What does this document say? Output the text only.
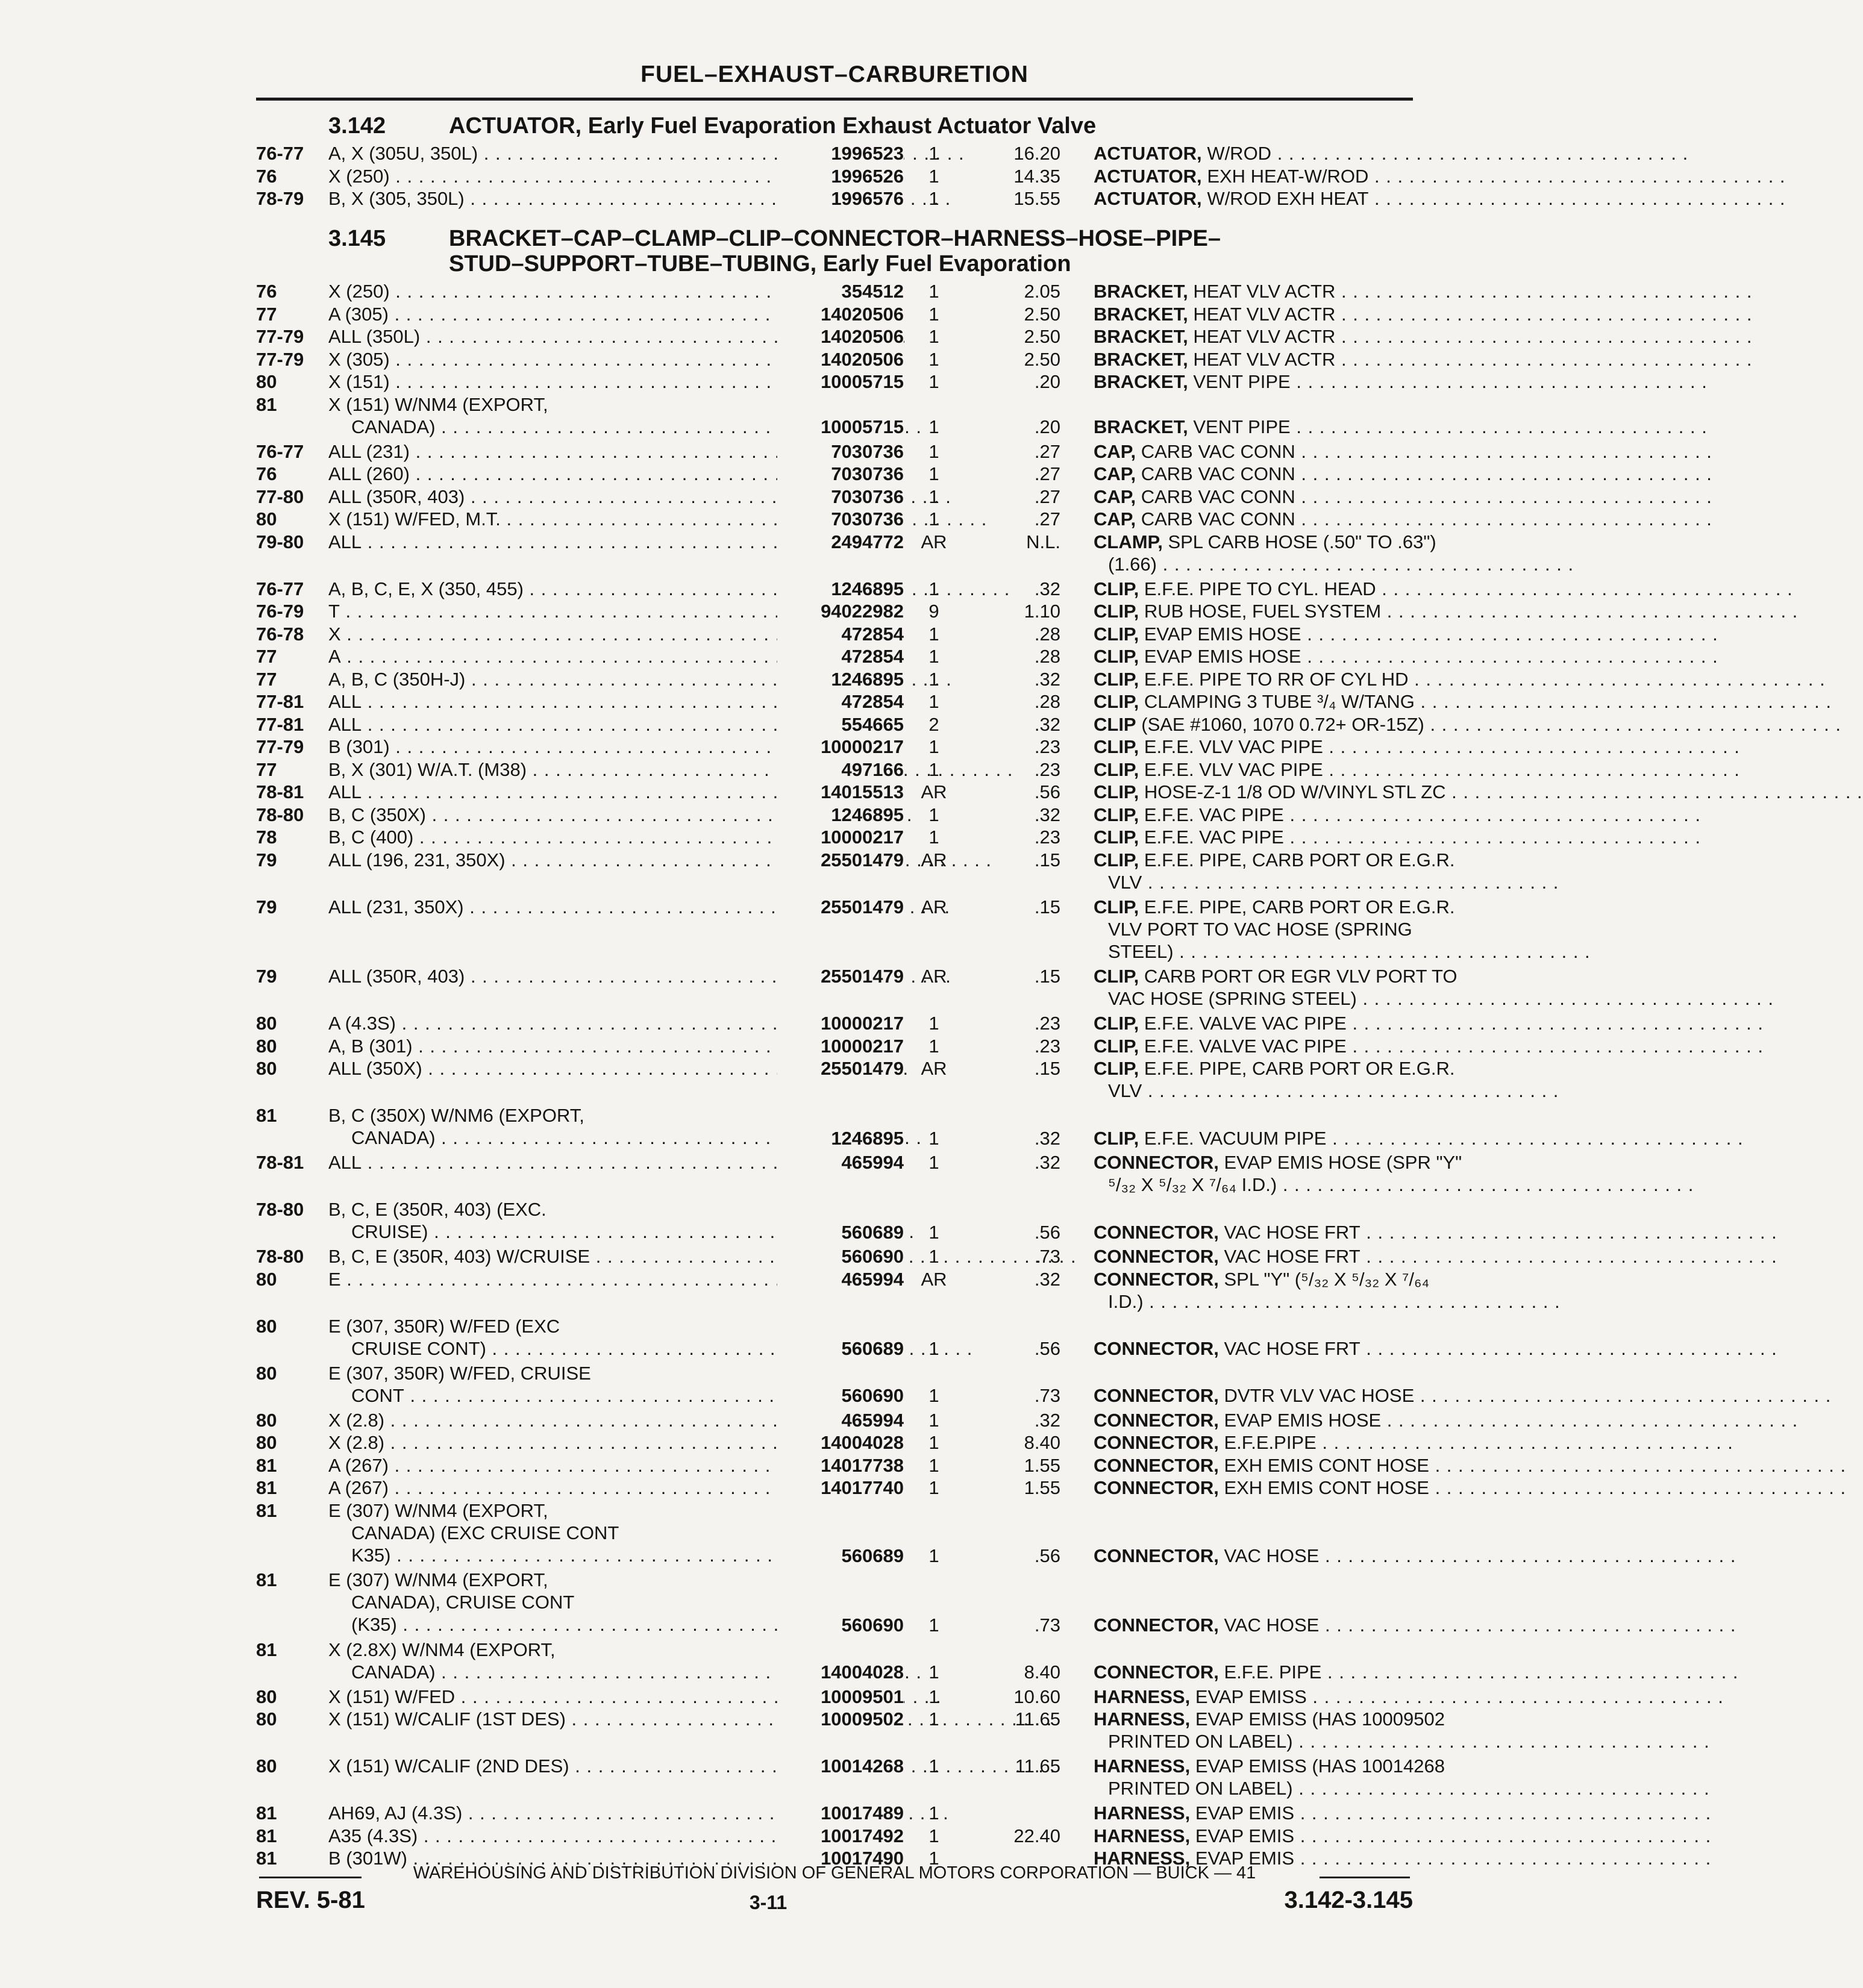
FUEL–EXHAUST–CARBURETION
3.142	ACTUATOR, Early Fuel Evaporation Exhaust Actuator Valve
76-77	A, X (305U, 350L) . . .	1996523	1	16.20 ACTUATOR, W/ROD . . .
76	X (250) . . .	1996526	1	14.35 ACTUATOR, EXH HEAT-W/ROD . . .
78-79	B, X (305, 350L) . . .	1996576	1	15.55 ACTUATOR, W/ROD EXH HEAT . . .
3.145	BRACKET–CAP–CLAMP–CLIP–CONNECTOR–HARNESS–HOSE–PIPE–
STUD–SUPPORT–TUBE–TUBING, Early Fuel Evaporation
76	X (250) . . .	354512	1	2.05 BRACKET, HEAT VLV ACTR . . .
77	A (305) . . .	14020506	1	2.50 BRACKET, HEAT VLV ACTR . . .
77-79	ALL (350L) . . .	14020506	1	2.50 BRACKET, HEAT VLV ACTR . . .
77-79	X (305) . . .	14020506	1	2.50 BRACKET, HEAT VLV ACTR . . .
80	X (151) . . .	10005715	1	.20 BRACKET, VENT PIPE . . .
81	X (151) W/NM4 (EXPORT,
CANADA) . . .	10005715	1	.20 BRACKET, VENT PIPE . . .
76-77	ALL (231) . . .	7030736	1	.27 CAP, CARB VAC CONN . . .
76	ALL (260) . . .	7030736	1	.27 CAP, CARB VAC CONN . . .
77-80	ALL (350R, 403) . . .	7030736	1	.27 CAP, CARB VAC CONN . . .
80	X (151) W/FED, M.T. . . .	7030736	1	.27 CAP, CARB VAC CONN . . .
79-80	ALL . . .	2494772 AR	N.L. CLAMP, SPL CARB HOSE (.50" TO .63")
(1.66) . . .
76-77	A, B, C, E, X (350, 455) . . .	1246895	1	.32 CLIP, E.F.E. PIPE TO CYL. HEAD . . .
76-79	T . . .	94022982	9	1.10 CLIP, RUB HOSE, FUEL SYSTEM . . .
76-78	X . . .	472854	1	.28 CLIP, EVAP EMIS HOSE . . .
77	A . . .	472854	1	.28 CLIP, EVAP EMIS HOSE . . .
77	A, B, C (350H-J) . . .	1246895	1	.32 CLIP, E.F.E. PIPE TO RR OF CYL HD . . .
77-81	ALL . . .	472854	1	.28 CLIP, CLAMPING 3 TUBE ³/₄ W/TANG . . .
77-81	ALL . . .	554665	2	.32 CLIP (SAE #1060, 1070 0.72+ OR-15Z) . . .
77-79	B (301) . . .	10000217	1	.23 CLIP, E.F.E. VLV VAC PIPE . . .
77	B, X (301) W/A.T. (M38) . . .	497166	1	.23 CLIP, E.F.E. VLV VAC PIPE . . .
78-81	ALL . . .	14015513 AR	.56 CLIP, HOSE-Z-1 1/8 OD W/VINYL STL ZC . . .
78-80	B, C (350X) . . .	1246895	1	.32 CLIP, E.F.E. VAC PIPE . . .
78	B, C (400) . . .	10000217	1	.23 CLIP, E.F.E. VAC PIPE . . .
79	ALL (196, 231, 350X) . . .	25501479 AR	.15 CLIP, E.F.E. PIPE, CARB PORT OR E.G.R.
VLV . . .
79	ALL (231, 350X) . . .	25501479 AR	.15 CLIP, E.F.E. PIPE, CARB PORT OR E.G.R.
VLV PORT TO VAC HOSE (SPRING
STEEL) . . .
79	ALL (350R, 403) . . .	25501479 AR	.15 CLIP, CARB PORT OR EGR VLV PORT TO
VAC HOSE (SPRING STEEL) . . .
80	A (4.3S) . . .	10000217	1	.23 CLIP, E.F.E. VALVE VAC PIPE . . .
80	A, B (301) . . .	10000217	1	.23 CLIP, E.F.E. VALVE VAC PIPE . . .
80	ALL (350X) . . .	25501479 AR	.15 CLIP, E.F.E. PIPE, CARB PORT OR E.G.R.
VLV . . .
81	B, C (350X) W/NM6 (EXPORT,
CANADA) . . .	1246895	1	.32 CLIP, E.F.E. VACUUM PIPE . . .
78-81	ALL . . .	465994	1	.32 CONNECTOR, EVAP EMIS HOSE (SPR "Y"
⁵/₃₂ X ⁵/₃₂ X ⁷/₆₄ I.D.) . . .
78-80	B, C, E (350R, 403) (EXC.
CRUISE) . . .	560689	1	.56 CONNECTOR, VAC HOSE FRT . . .
78-80	B, C, E (350R, 403) W/CRUISE . . .	560690	1	.73 CONNECTOR, VAC HOSE FRT . . .
80	E . . .	465994 AR	.32 CONNECTOR, SPL "Y" (⁵/₃₂ X ⁵/₃₂ X ⁷/₆₄
I.D.) . . .
80	E (307, 350R) W/FED (EXC
CRUISE CONT) . . .	560689	1	.56 CONNECTOR, VAC HOSE FRT . . .
80	E (307, 350R) W/FED, CRUISE
CONT . . .	560690	1	.73 CONNECTOR, DVTR VLV VAC HOSE . . .
80	X (2.8) . . .	465994	1	.32 CONNECTOR, EVAP EMIS HOSE . . .
80	X (2.8) . . .	14004028	1	8.40 CONNECTOR, E.F.E.PIPE . . .
81	A (267) . . .	14017738	1	1.55 CONNECTOR, EXH EMIS CONT HOSE . . .
81	A (267) . . .	14017740	1	1.55 CONNECTOR, EXH EMIS CONT HOSE . . .
81	E (307) W/NM4 (EXPORT,
CANADA) (EXC CRUISE CONT
K35) . . .	560689	1	.56 CONNECTOR, VAC HOSE . . .
81	E (307) W/NM4 (EXPORT,
CANADA), CRUISE CONT
(K35) . . .	560690	1	.73 CONNECTOR, VAC HOSE . . .
81	X (2.8X) W/NM4 (EXPORT,
CANADA) . . .	14004028	1	8.40 CONNECTOR, E.F.E. PIPE . . .
80	X (151) W/FED . . .	10009501	1	10.60 HARNESS, EVAP EMISS . . .
80	X (151) W/CALIF (1ST DES) . . .	10009502	1	11.65 HARNESS, EVAP EMISS (HAS 10009502
PRINTED ON LABEL) . . .
80	X (151) W/CALIF (2ND DES) . . .	10014268	1	11.65 HARNESS, EVAP EMISS (HAS 10014268
PRINTED ON LABEL) . . .
81	AH69, AJ (4.3S) . . .	10017489	1	HARNESS, EVAP EMIS . . .
81	A35 (4.3S) . . .	10017492	1	22.40 HARNESS, EVAP EMIS . . .
81	B (301W) . . .	10017490	1	HARNESS, EVAP EMIS . . .
WAREHOUSING AND DISTRIBUTION DIVISION OF GENERAL MOTORS CORPORATION — BUICK — 41
REV. 5-81	3-11	3.142-3.145
